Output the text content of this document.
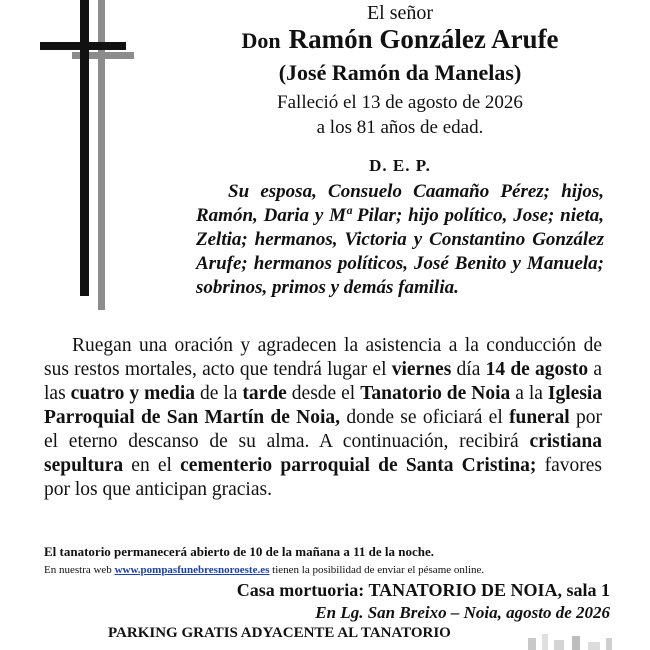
El señor

Don Ramón González Arufe

(José Ramón da Manelas)

Falleció el 13 de agosto de 2026

a los 81 años de edad.

D. E. P.

Su esposa, Consuelo Caamaño Pérez; hijos, Ramón, Daria y Mª Pilar; hijo político, Jose; nieta, Zeltia; hermanos, Victoria y Constantino González Arufe; hermanos políticos, José Benito y Manuela; sobrinos, primos y demás familia.

Ruegan una oración y agradecen la asistencia a la conducción de sus restos mortales, acto que tendrá lugar el viernes día 14 de agosto a las cuatro y media de la tarde desde el Tanatorio de Noia a la Iglesia Parroquial de San Martín de Noia, donde se oficiará el funeral por el eterno descanso de su alma. A continuación, recibirá cristiana sepultura en el cementerio parroquial de Santa Cristina; favores por los que anticipan gracias.

El tanatorio permanecerá abierto de 10 de la mañana a 11 de la noche.

En nuestra web www.pompasfunebresnoroeste.es tienen la posibilidad de enviar el pésame online.

Casa mortuoria: TANATORIO DE NOIA, sala 1

En Lg. San Breixo – Noia, agosto de 2026

PARKING GRATIS ADYACENTE AL TANATORIO
